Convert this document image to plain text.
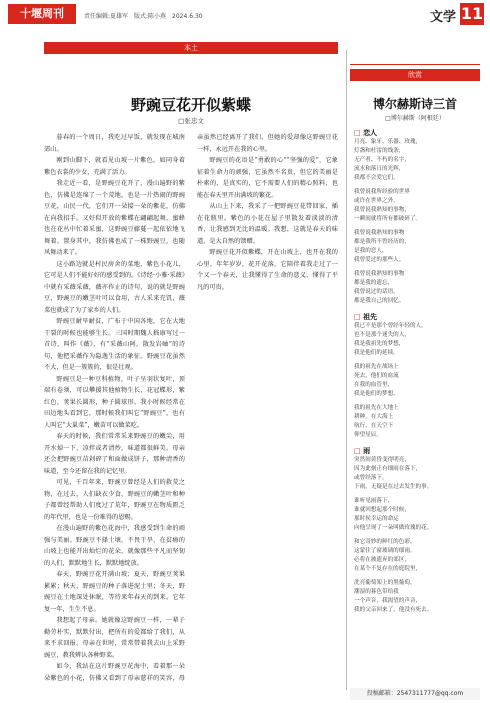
十堰周刊	责任编辑:夏雄军　版式:陈小燕　2024.6.30	文学 11
本土
野豌豆花开似紫蝶
□张忠文

暮春的一个周日，我吃过早饭，就发现在城南郊山。

刚到山脚下，就看见山坡一片紫色，如同身着紫色衣裳的少女，充满了活力。

我走近一看，是野豌豆花开了，漫山遍野的紫色，仿佛是连绵了一个荒地，也是一片热闹的野豌豆花，山民一代，它们开一朵接一朵的紫花，仿佛在向我招手。又好似开放的紫蝶在翩翩起舞，蜜蜂也在花丛中忙着采蜜，这野豌豆藤蔓一起依依地飞舞着。置身其中，我仿佛也成了一株野豌豆，也随风舞动来了。

这小路边就是村民房舍的菜地，紫色小花儿，它可是人们不能好好的感受到的。《诗经·小雅·采薇》中就有采薇采薇，薇亦作止的诗句，说的就是野豌豆，野豌豆的嫩茎叶可以食用，古人采来充饥，薇菜也就成了为了家乡的人们。

野豌豆耐旱耐贫，广布于中国各地，它在大地干裂的时候也能够生长。三国时期魏人嵇康写过一首诗，叫作《薇》，有“采薇山阿，散发岩岫”的诗句，他把采薇作为隐逸生活的象征。野豌豆花虽然不大，但是一簇簇的，很是壮观。

野豌豆是一种豆科植物，叶子呈羽状复叶，顶端有卷须，可以攀援其他植物生长，花冠蝶形，紫红色，荚果长圆形，种子圆球形。我小时候经常在田边地头看到它，那时候我们叫它“野豌豆”，也有人叫它“大巢菜”，嫩苗可以做菜吃。

春天的时候，我们常常采来野豌豆的嫩尖，用开水焯一下，凉拌或者清炒，味道都很鲜美。母亲还会把野豌豆苗剁碎了和面做成饼子，那种清香的味道，至今还留在我的记忆里。

可见，千百年来，野豌豆曾经是人们的救荒之物，在过去，人们缺衣少食，野豌豆的嫩茎叶和种子都曾经帮助人们度过了荒年，野豌豆在物质匮乏的年代里，也是一份难得的恩赐。

在漫山遍野的紫色花海中，我感受到生命的顽强与美丽。野豌豆不择土壤，不畏干旱，在贫瘠的山坡上也能开出灿烂的花朵，就像那些平凡而坚韧的人们，默默地生长，默默地绽放。

春天，野豌豆花开满山坡；夏天，野豌豆荚果累累；秋天，野豌豆的种子落进泥土里；冬天，野豌豆在土地深处休眠，等待来年春天的到来。它年复一年，生生不息。

我想起了母亲。她就像这野豌豆一样，一辈子勤劳朴实，默默付出，把所有的爱都给了我们，从来不求回报。母亲在世时，常常带着我去山上采野豌豆，教我辨认各种野菜。

如今，我站在这片野豌豆花海中，看着那一朵朵紫色的小花，仿佛又看到了母亲慈祥的笑容，母亲虽然已经离开了我们，但她的爱却像这野豌豆花一样，永远开在我的心里。

野豌豆的花语是“勇敢的心”“坚强的爱”，它象征着生命力的顽强，它虽然不名贵，但它的美丽是朴素的，是真实的，它不需要人们的精心照料，也能在春天里开出满坡的繁花。

从山上下来，我采了一把野豌豆花带回家，插在花瓶里。紫色的小花在屋子里散发着淡淡的清香，让我感到无比的温暖。我想，这就是春天的味道，是大自然的馈赠。

野豌豆花开似紫蝶，开在山坡上，也开在我的心里，年年岁岁，花开花落，它陪伴着我走过了一个又一个春天，让我懂得了生命的意义，懂得了平凡的可贵。

欣赏
博尔赫斯诗三首
□博尔赫斯（阿根廷）
□ 恋人
月亮、象牙、乐器、玫瑰，
灯盏和杜雷的线条，
无产者、不朽的名字，
流水和落日的光辉，
我都不会爱它们。
我曾说我所经验的世界
或许在世界之外，
我曾说我熟知的事物，
一瞬间就将所有都破碎了。
我曾说我熟知的事物
都是我所不曾经历的，
是我的恋人，
我曾爱过的那些人。
我曾说我熟知的事物
都是我的遗忘，
我曾说过的话语，
都是我自己的回忆。
□ 祖先
我已不是那个曾经年轻的人，
也不是那个迷失的人，
我是我祖先的梦想，
我是他们的延续。
我的祖先在战场上
死去，他们的血流
在我的血管里，
我是他们的梦想。
我的祖先在大地上
耕种，在大海上
航行，在天空下
仰望星辰。
□ 雨
突然间黄昏变得明亮，
因为此刻正有细雨在落下，
或曾经落下，
下雨，无疑是在过去发生的事。
谁听见雨落下，
谁就回想起那个时候，
那时侯幸运的命运
向他呈现了一朵叫做玫瑰的花。
和它奇妙的鲜红的色彩，
这蒙住了窗玻璃的细雨，
必将在被遗弃的郊区，
在某个不复存在的庭院里，
洗亮葡萄架上的黑葡萄，
潮湿的暮色带给我
一个声音，我渴望的声音，
我的父亲回来了，他没有死去。
投稿邮箱：2547311777@qq.com
